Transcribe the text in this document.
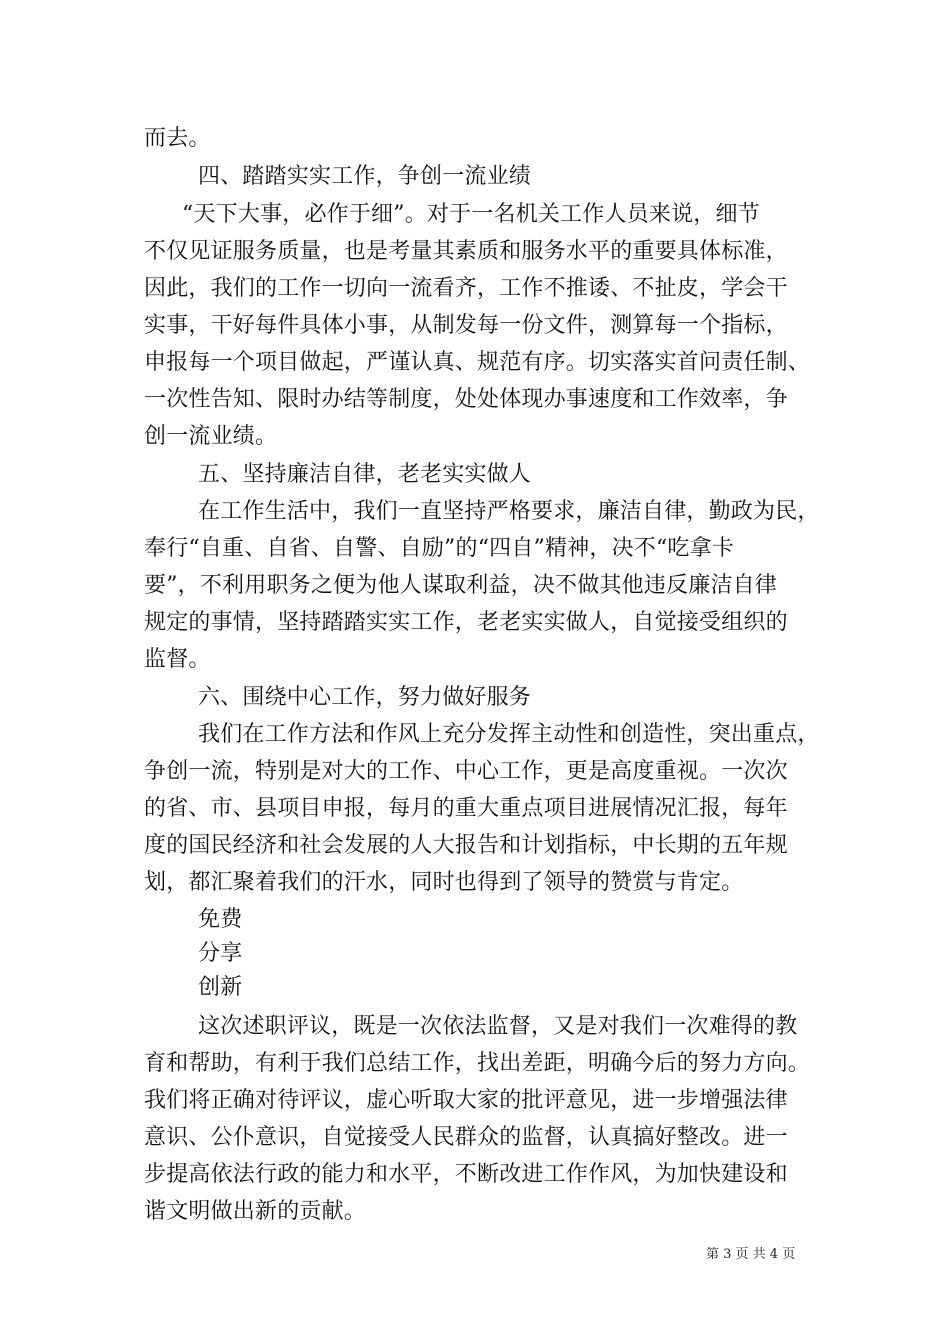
而去。
四、踏踏实实工作，争创一流业绩
“天下大事，必作于细”。对于一名机关工作人员来说，细节
不仅见证服务质量，也是考量其素质和服务水平的重要具体标准，
因此，我们的工作一切向一流看齐，工作不推诿、不扯皮，学会干
实事，干好每件具体小事，从制发每一份文件，测算每一个指标，
申报每一个项目做起，严谨认真、规范有序。切实落实首问责任制、
一次性告知、限时办结等制度，处处体现办事速度和工作效率，争
创一流业绩。
五、坚持廉洁自律，老老实实做人
在工作生活中，我们一直坚持严格要求，廉洁自律，勤政为民，
奉行“自重、自省、自警、自励”的“四自”精神，决不“吃拿卡
要”，不利用职务之便为他人谋取利益，决不做其他违反廉洁自律
规定的事情，坚持踏踏实实工作，老老实实做人，自觉接受组织的
监督。
六、围绕中心工作，努力做好服务
我们在工作方法和作风上充分发挥主动性和创造性，突出重点，
争创一流，特别是对大的工作、中心工作，更是高度重视。一次次
的省、市、县项目申报，每月的重大重点项目进展情况汇报，每年
度的国民经济和社会发展的人大报告和计划指标，中长期的五年规
划，都汇聚着我们的汗水，同时也得到了领导的赞赏与肯定。
免费
分享
创新
这次述职评议，既是一次依法监督，又是对我们一次难得的教
育和帮助，有利于我们总结工作，找出差距，明确今后的努力方向。
我们将正确对待评议，虚心听取大家的批评意见，进一步增强法律
意识、公仆意识，自觉接受人民群众的监督，认真搞好整改。进一
步提高依法行政的能力和水平，不断改进工作作风，为加快建设和
谐文明做出新的贡献。
第 3 页 共 4 页
